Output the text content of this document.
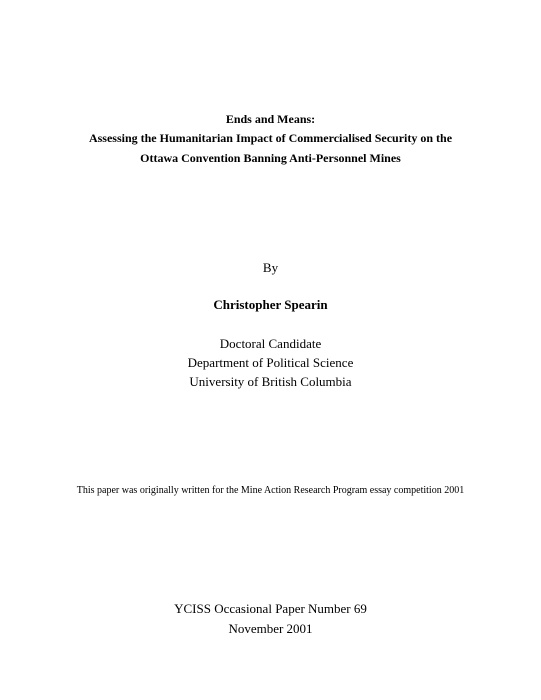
Ends and Means:
Assessing the Humanitarian Impact of Commercialised Security on the
Ottawa Convention Banning Anti-Personnel Mines
By
Christopher Spearin
Doctoral Candidate
Department of Political Science
University of British Columbia
This paper was originally written for the Mine Action Research Program essay competition 2001
YCISS Occasional Paper Number 69
November 2001
